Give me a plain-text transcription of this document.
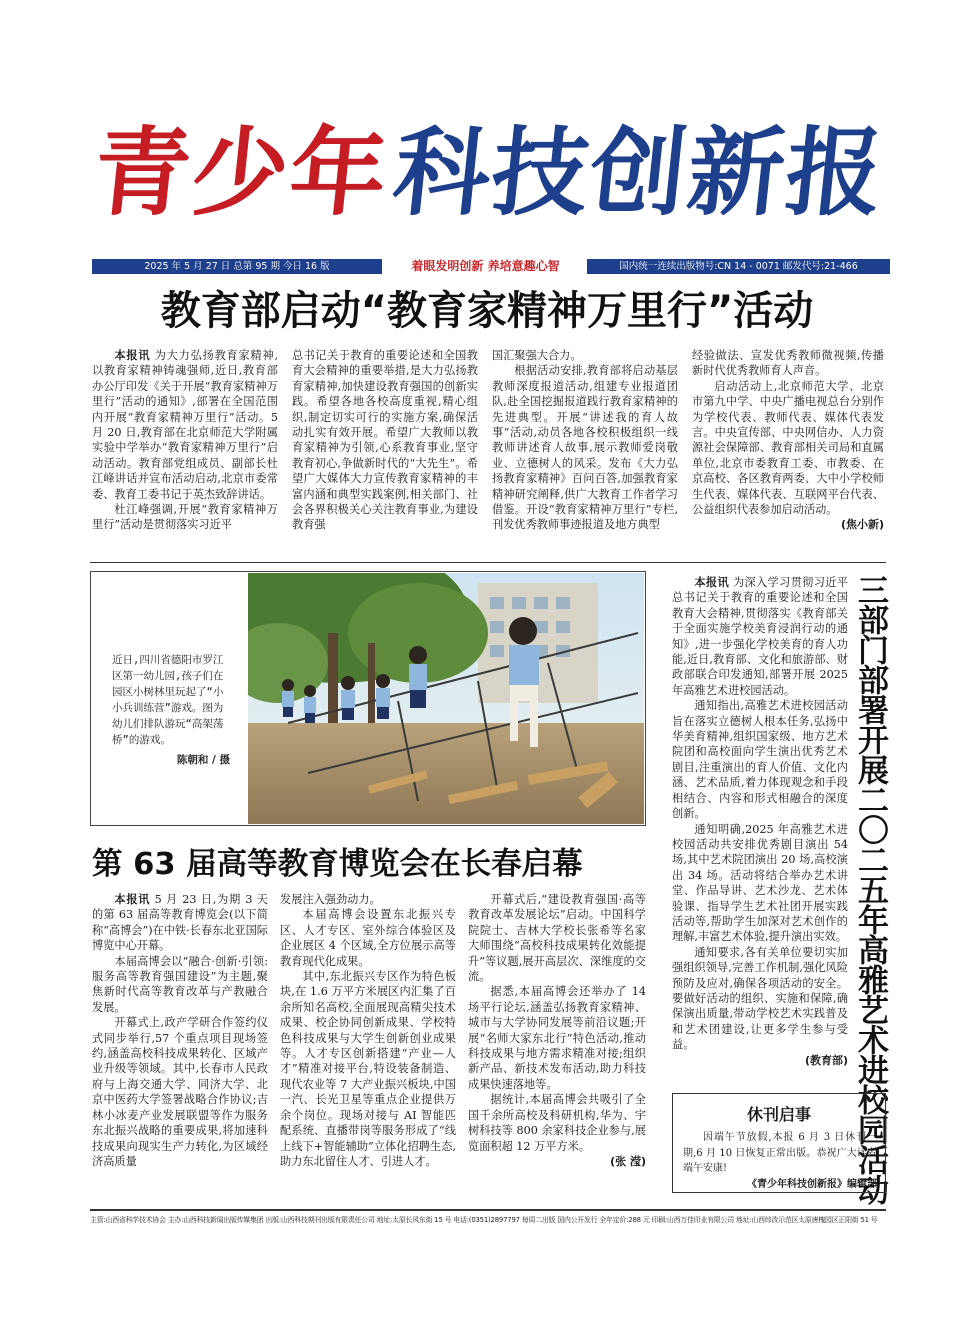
青少年
科技创新报
2025 年 5 月 27 日 总第 95 期 今日 16 版	着眼发明创新 养培意趣心智	国内统一连续出版物号:CN 14 - 0071 邮发代号:21-466
教育部启动“教育家精神万里行”活动

本报讯 为大力弘扬教育家精神,以教育家精神铸魂强师,近日,教育部办公厅印发《关于开展“教育家精神万里行”活动的通知》,部署在全国范围内开展“教育家精神万里行”活动。5 月 20 日,教育部在北京师范大学附属实验中学举办“教育家精神万里行”启动活动。教育部党组成员、副部长杜江峰讲话并宣布活动启动,北京市委常委、教育工委书记于英杰致辞讲话。

杜江峰强调,开展“教育家精神万里行”活动是贯彻落实习近平

总书记关于教育的重要论述和全国教育大会精神的重要举措,是大力弘扬教育家精神,加快建设教育强国的创新实践。希望各地各校高度重视,精心组织,制定切实可行的实施方案,确保活动扎实有效开展。希望广大教师以教育家精神为引领,心系教育事业,坚守教育初心,争做新时代的“大先生”。希望广大媒体大力宣传教育家精神的丰富内涵和典型实践案例,相关部门、社会各界积极关心关注教育事业,为建设教育强

国汇聚强大合力。

根据活动安排,教育部将启动基层教师深度报道活动,组建专业报道团队,赴全国挖掘报道践行教育家精神的先进典型。开展“讲述我的育人故事”活动,动员各地各校积极组织一线教师讲述育人故事,展示教师爱岗敬业、立德树人的风采。发布《大力弘扬教育家精神》百问百答,加强教育家精神研究阐释,供广大教育工作者学习借鉴。开设“教育家精神万里行”专栏,刊发优秀教师事迹报道及地方典型

经验做法、宣发优秀教师微视频,传播新时代优秀教师育人声音。

启动活动上,北京师范大学、北京市第九中学、中央广播电视总台分别作为学校代表、教师代表、媒体代表发言。中央宣传部、中央网信办、人力资源社会保障部、教育部相关司局和直属单位,北京市委教育工委、市教委、在京高校、各区教育两委、大中小学校师生代表、媒体代表、互联网平台代表、公益组织代表参加启动活动。

(焦小新)
近日,四川省德阳市罗江区第一幼儿园,孩子们在园区小树林里玩起了“小小兵训练营”游戏。图为幼儿们排队游玩“高架荡桥”的游戏。
陈朝和 / 摄
第 63 届高等教育博览会在长春启幕

本报讯 5 月 23 日,为期 3 天的第 63 届高等教育博览会(以下简称“高博会”)在中铁·长春东北亚国际博览中心开幕。

本届高博会以“融合·创新·引领:服务高等教育强国建设”为主题,聚焦新时代高等教育改革与产教融合发展。

开幕式上,政产学研合作签约仪式同步举行,57 个重点项目现场签约,涵盖高校科技成果转化、区域产业升级等领域。其中,长春市人民政府与上海交通大学、同济大学、北京中医药大学签署战略合作协议;吉林小冰麦产业发展联盟等作为服务东北振兴战略的重要成果,将加速科技成果向现实生产力转化,为区域经济高质量

发展注入强劲动力。

本届高博会设置东北振兴专区、人才专区、室外综合体验区及企业展区 4 个区域,全方位展示高等教育现代化成果。

其中,东北振兴专区作为特色板块,在 1.6 万平方米展区内汇集了百余所知名高校,全面展现高精尖技术成果、校企协同创新成果、学校特色科技成果与大学生创新创业成果等。人才专区创新搭建“产业—人才”精准对接平台,特设装备制造、现代农业等 7 大产业振兴板块,中国一汽、长光卫星等重点企业提供万余个岗位。现场对接与 AI 智能匹配系统、直播带岗等服务形成了“线上线下+智能辅助”立体化招聘生态,助力东北留住人才、引进人才。

开幕式后,“建设教育强国·高等教育改革发展论坛”启动。中国科学院院士、吉林大学校长张希等名家大师围绕“高校科技成果转化效能提升”等议题,展开高层次、深维度的交流。

据悉,本届高博会还举办了 14 场平行论坛,涵盖弘扬教育家精神、城市与大学协同发展等前沿议题;开展“名师大家东北行”特色活动,推动科技成果与地方需求精准对接;组织新产品、新技术发布活动,助力科技成果快速落地等。

据统计,本届高博会共吸引了全国千余所高校及科研机构,华为、宇树科技等 800 余家科技企业参与,展览面积超 12 万平方米。

(张 滢)

本报讯 为深入学习贯彻习近平总书记关于教育的重要论述和全国教育大会精神,贯彻落实《教育部关于全面实施学校美育浸润行动的通知》,进一步强化学校美育的育人功能,近日,教育部、文化和旅游部、财政部联合印发通知,部署开展 2025 年高雅艺术进校园活动。

通知指出,高雅艺术进校园活动旨在落实立德树人根本任务,弘扬中华美育精神,组织国家级、地方艺术院团和高校面向学生演出优秀艺术剧目,注重演出的育人价值、文化内涵、艺术品质,着力体现观念和手段相结合、内容和形式相融合的深度创新。

通知明确,2025 年高雅艺术进校园活动共安排优秀剧目演出 54 场,其中艺术院团演出 20 场,高校演出 34 场。活动将结合举办艺术讲堂、作品导讲、艺术沙龙、艺术体验课、指导学生艺术社团开展实践活动等,帮助学生加深对艺术创作的理解,丰富艺术体验,提升演出实效。

通知要求,各有关单位要切实加强组织领导,完善工作机制,强化风险预防及应对,确保各项活动的安全。要做好活动的组织、实施和保障,确保演出质量,带动学校艺术实践普及和艺术团建设,让更多学生参与受益。

(教育部) 三部门部署开展二〇二五年高雅艺术进校园活动
休刊启事

因端午节放假,本报 6 月 3 日休刊一期,6 月 10 日恢复正常出版。恭祝广大读者端午安康!

《青少年科技创新报》编辑部

主管:山西省科学技术协会 主办:山西科技新闻出版传媒集团 出版:山西科技期刊出版有限责任公司 地址:太原长风东街 15 号 电话:(0351)2897797 每周二出版 国内公开发行 全年定价:288 元 印刷:山西万佳印业有限公司 地址:山西综改示范区太原唐槐园区正阳街 51 号
